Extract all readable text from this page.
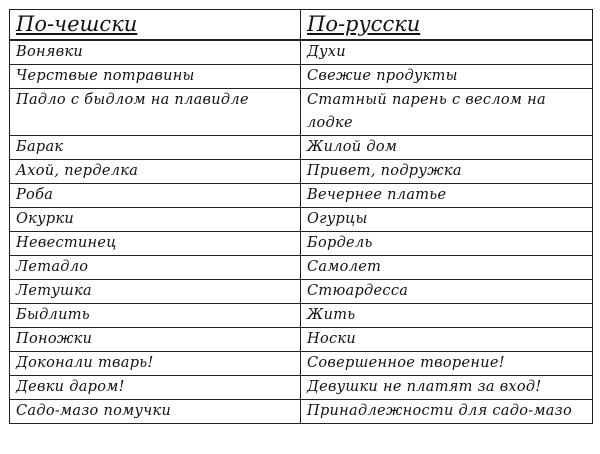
По-чешски	По-русски
Вонявки	Духи
Черствые потравины	Свежие продукты
Падло с быдлом на плавидле	Статный парень с веслом на лодке
Барак	Жилой дом
Ахой, перделка	Привет, подружка
Роба	Вечернее платье
Окурки	Огурцы
Невестинец	Бордель
Летадло	Самолет
Летушка	Стюардесса
Быдлить	Жить
Поножки	Носки
Доконали тварь!	Совершенное творение!
Девки даром!	Девушки не платят за вход!
Садо-мазо помучки	Принадлежности для садо-мазо
